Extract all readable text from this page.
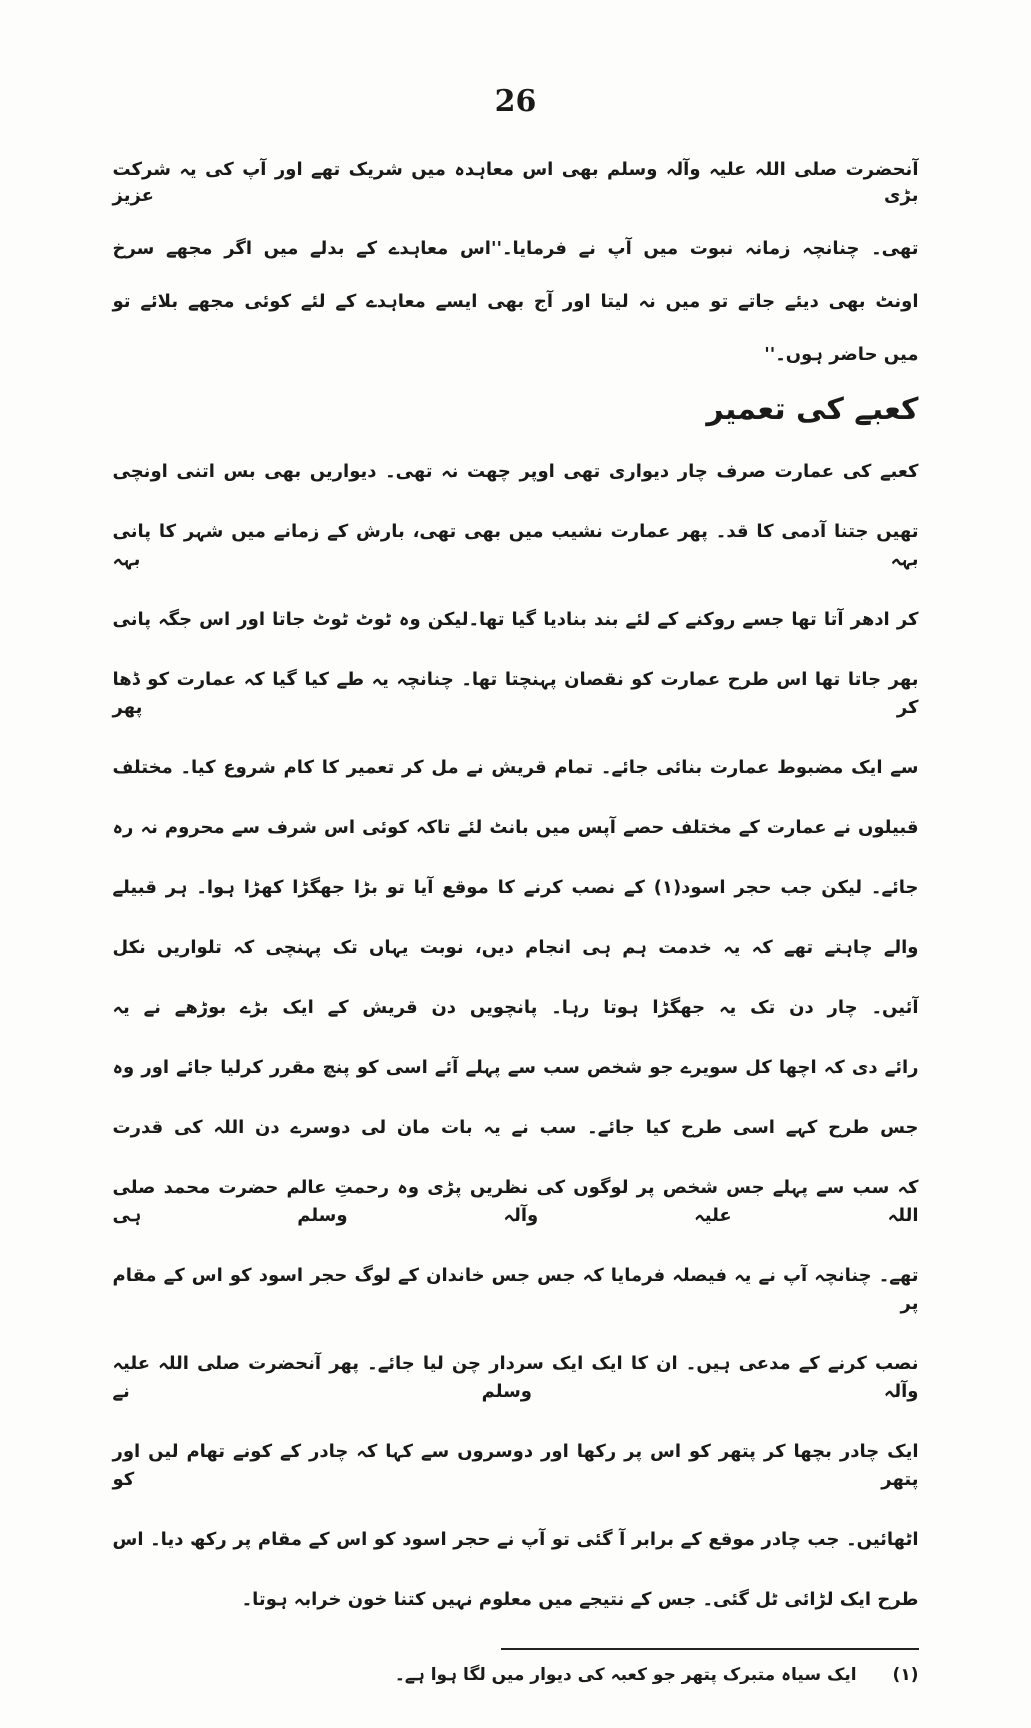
26
آنحضرت صلی اللہ علیہ وآلہ وسلم بھی اس معاہدہ میں شریک تھے اور آپ کی یہ شرکت بڑی عزیز
تھی۔ چنانچہ زمانہ نبوت میں آپ نے فرمایا۔''اس معاہدے کے بدلے میں اگر مجھے سرخ
اونٹ بھی دیئے جاتے تو میں نہ لیتا اور آج بھی ایسے معاہدے کے لئے کوئی مجھے بلائے تو
میں حاضر ہوں۔''
کعبے کی تعمیر
کعبے کی عمارت صرف چار دیواری تھی اوپر چھت نہ تھی۔ دیواریں بھی بس اتنی اونچی
تھیں جتنا آدمی کا قد۔ پھر عمارت نشیب میں بھی تھی، بارش کے زمانے میں شہر کا پانی بہہ بہہ
کر ادھر آتا تھا جسے روکنے کے لئے بند بنادیا گیا تھا۔لیکن وہ ٹوٹ ٹوٹ جاتا اور اس جگہ پانی
بھر جاتا تھا اس طرح عمارت کو نقصان پہنچتا تھا۔ چنانچہ یہ طے کیا گیا کہ عمارت کو ڈھا کر پھر
سے ایک مضبوط عمارت بنائی جائے۔ تمام قریش نے مل کر تعمیر کا کام شروع کیا۔ مختلف
قبیلوں نے عمارت کے مختلف حصے آپس میں بانٹ لئے تاکہ کوئی اس شرف سے محروم نہ رہ
جائے۔ لیکن جب حجر اسود(۱) کے نصب کرنے کا موقع آیا تو بڑا جھگڑا کھڑا ہوا۔ ہر قبیلے
والے چاہتے تھے کہ یہ خدمت ہم ہی انجام دیں، نوبت یہاں تک پہنچی کہ تلواریں نکل
آئیں۔ چار دن تک یہ جھگڑا ہوتا رہا۔ پانچویں دن قریش کے ایک بڑے بوڑھے نے یہ
رائے دی کہ اچھا کل سویرے جو شخص سب سے پہلے آئے اسی کو پنچ مقرر کرلیا جائے اور وہ
جس طرح کہے اسی طرح کیا جائے۔ سب نے یہ بات مان لی دوسرے دن اللہ کی قدرت
کہ سب سے پہلے جس شخص پر لوگوں کی نظریں پڑی وہ رحمتِ عالم حضرت محمد صلی اللہ علیہ وآلہ وسلم ہی
تھے۔ چنانچہ آپ نے یہ فیصلہ فرمایا کہ جس جس خاندان کے لوگ حجر اسود کو اس کے مقام پر
نصب کرنے کے مدعی ہیں۔ ان کا ایک ایک سردار چن لیا جائے۔ پھر آنحضرت صلی اللہ علیہ وآلہ وسلم نے
ایک چادر بچھا کر پتھر کو اس پر رکھا اور دوسروں سے کہا کہ چادر کے کونے تھام لیں اور پتھر کو
اٹھائیں۔ جب چادر موقع کے برابر آ گئی تو آپ نے حجر اسود کو اس کے مقام پر رکھ دیا۔ اس
طرح ایک لڑائی ٹل گئی۔ جس کے نتیجے میں معلوم نہیں کتنا خون خرابہ ہوتا۔
(۱) ایک سیاہ متبرک پتھر جو کعبہ کی دیوار میں لگا ہوا ہے۔
